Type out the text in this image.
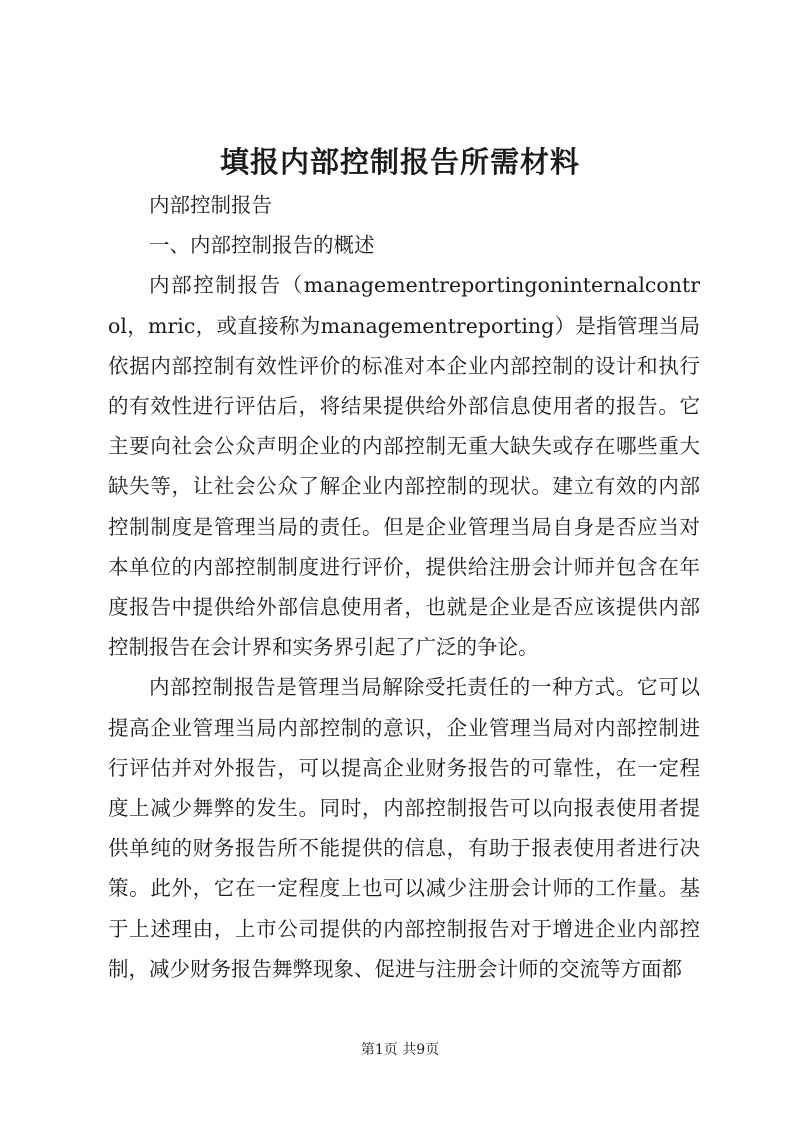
填报内部控制报告所需材料

内部控制报告

一、内部控制报告的概述

内部控制报告（managementreportingoninternalcontrol，mric，或直接称为managementreporting）是指管理当局依据内部控制有效性评价的标准对本企业内部控制的设计和执行的有效性进行评估后，将结果提供给外部信息使用者的报告。它主要向社会公众声明企业的内部控制无重大缺失或存在哪些重大缺失等，让社会公众了解企业内部控制的现状。建立有效的内部控制制度是管理当局的责任。但是企业管理当局自身是否应当对本单位的内部控制制度进行评价，提供给注册会计师并包含在年度报告中提供给外部信息使用者，也就是企业是否应该提供内部控制报告在会计界和实务界引起了广泛的争论。

内部控制报告是管理当局解除受托责任的一种方式。它可以提高企业管理当局内部控制的意识，企业管理当局对内部控制进行评估并对外报告，可以提高企业财务报告的可靠性，在一定程度上减少舞弊的发生。同时，内部控制报告可以向报表使用者提供单纯的财务报告所不能提供的信息，有助于报表使用者进行决策。此外，它在一定程度上也可以减少注册会计师的工作量。基于上述理由，上市公司提供的内部控制报告对于增进企业内部控制，减少财务报告舞弊现象、促进与注册会计师的交流等方面都

第1页 共9页
